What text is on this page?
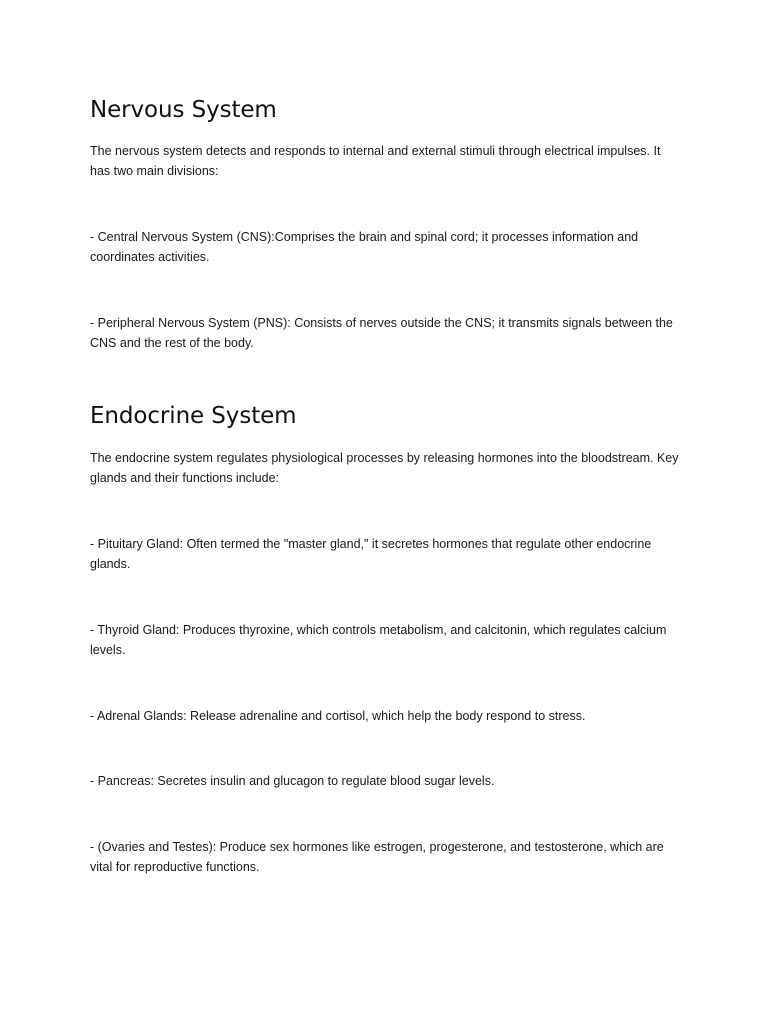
Nervous System

The nervous system detects and responds to internal and external stimuli through electrical impulses. It has two main divisions:

- Central Nervous System (CNS):Comprises the brain and spinal cord; it processes information and coordinates activities.

- Peripheral Nervous System (PNS): Consists of nerves outside the CNS; it transmits signals between the CNS and the rest of the body.

Endocrine System

The endocrine system regulates physiological processes by releasing hormones into the bloodstream. Key glands and their functions include:

- Pituitary Gland: Often termed the "master gland," it secretes hormones that regulate other endocrine glands.

- Thyroid Gland: Produces thyroxine, which controls metabolism, and calcitonin, which regulates calcium levels.

- Adrenal Glands: Release adrenaline and cortisol, which help the body respond to stress.

- Pancreas: Secretes insulin and glucagon to regulate blood sugar levels.

- (Ovaries and Testes): Produce sex hormones like estrogen, progesterone, and testosterone, which are vital for reproductive functions.
